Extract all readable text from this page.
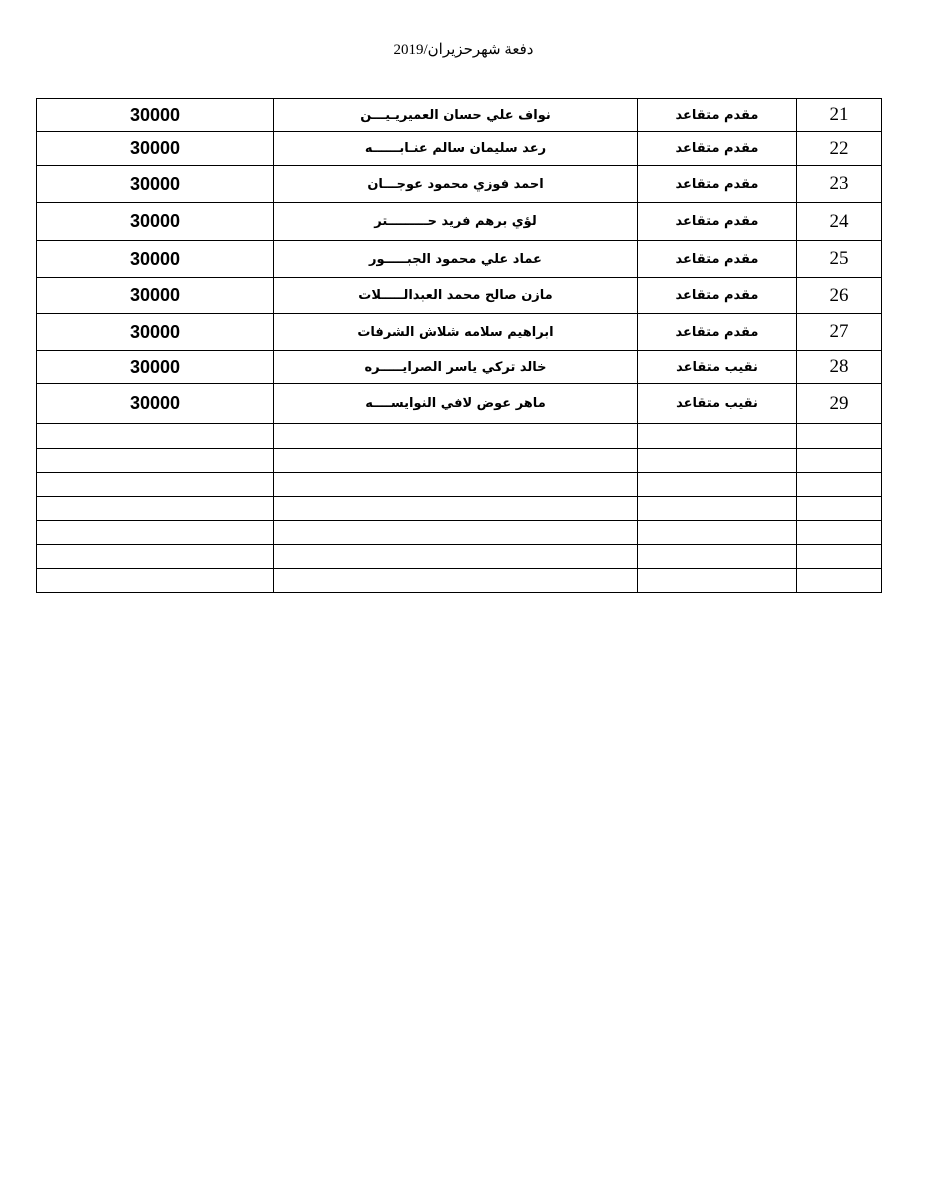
دفعة شهرحزيران/2019
30000	نواف علي حسان العميريـيـــن	مقدم متقاعد	21
30000	رعد سليمان سالم عنـابــــــه	مقدم متقاعد	22
30000	احمد فوزي محمود عوجـــان	مقدم متقاعد	23
30000	لؤي برهم فريد حـــــــــتر	مقدم متقاعد	24
30000	عماد علي محمود الجبـــــور	مقدم متقاعد	25
30000	مازن صالح محمد العبدالـــــلات	مقدم متقاعد	26
30000	ابراهيم سلامه شلاش الشرفات	مقدم متقاعد	27
30000	خالد تركي ياسر الصرايـــــره	نقيب متقاعد	28
30000	ماهر عوض لافي النوايســــه	نقيب متقاعد	29
